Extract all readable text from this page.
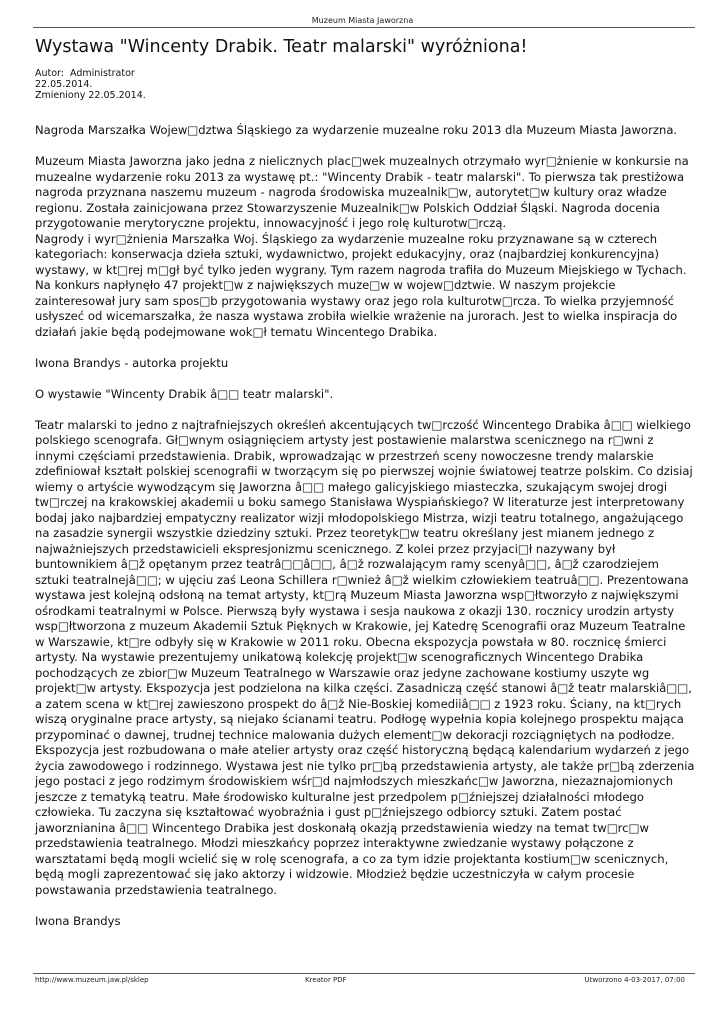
Muzeum Miasta Jaworzna
Wystawa "Wincenty Drabik. Teatr malarski" wyróżniona!
Autor:  Administrator
22.05.2014.
Zmieniony 22.05.2014.

Nagroda Marszałka Wojew□dztwa Śląskiego za wydarzenie muzealne roku 2013 dla Muzeum Miasta Jaworzna.

Muzeum Miasta Jaworzna jako jedna z nielicznych plac□wek muzealnych otrzymało wyr□żnienie w konkursie na muzealne wydarzenie roku 2013 za wystawę pt.: "Wincenty Drabik - teatr malarski". To pierwsza tak prestiżowa nagroda przyznana naszemu muzeum - nagroda środowiska muzealnik□w, autorytet□w kultury oraz władze regionu. Została zainicjowana przez Stowarzyszenie Muzealnik□w Polskich Oddział Śląski. Nagroda docenia przygotowanie merytoryczne projektu, innowacyjność i jego rolę kulturotw□rczą.

Nagrody i wyr□żnienia Marszałka Woj. Śląskiego za wydarzenie muzealne roku przyznawane są w czterech kategoriach: konserwacja dzieła sztuki, wydawnictwo, projekt edukacyjny, oraz (najbardziej konkurencyjna) wystawy, w kt□rej m□gł być tylko jeden wygrany. Tym razem nagroda trafiła do Muzeum Miejskiego w Tychach. Na konkurs napłynęło 47 projekt□w z największych muze□w w wojew□dztwie. W naszym projekcie zainteresował jury sam spos□b przygotowania wystawy oraz jego rola kulturotw□rcza. To wielka przyjemność usłyszeć od wicemarszałka, że nasza wystawa zrobiła wielkie wrażenie na jurorach. Jest to wielka inspiracja do działań jakie będą podejmowane wok□ł tematu Wincentego Drabika.

Iwona Brandys - autorka projektu

O wystawie "Wincenty Drabik â□□ teatr malarski".

Teatr malarski to jedno z najtrafniejszych określeń akcentujących tw□rczość Wincentego Drabika â□□ wielkiego polskiego scenografa. Gł□wnym osiągnięciem artysty jest postawienie malarstwa scenicznego na r□wni z innymi częściami przedstawienia. Drabik, wprowadzając w przestrzeń sceny nowoczesne trendy malarskie zdefiniował kształt polskiej scenografii w tworzącym się po pierwszej wojnie światowej teatrze polskim. Co dzisiaj wiemy o artyście wywodzącym się Jaworzna â□□ małego galicyjskiego miasteczka, szukającym swojej drogi tw□rczej na krakowskiej akademii u boku samego Stanisława Wyspiańskiego? W literaturze jest interpretowany bodaj jako najbardziej empatyczny realizator wizji młodopolskiego Mistrza, wizji teatru totalnego, angażującego na zasadzie synergii wszystkie dziedziny sztuki. Przez teoretyk□w teatru określany jest mianem jednego z najważniejszych przedstawicieli ekspresjonizmu scenicznego. Z kolei przez przyjaci□ł nazywany był buntownikiem â□ž opętanym przez teatrâ□□â□□, â□ž rozwalającym ramy scenyâ□□, â□ž czarodziejem sztuki teatralnejâ□□; w ujęciu zaś Leona Schillera r□wnież â□ž wielkim człowiekiem teatruâ□□. Prezentowana wystawa jest kolejną odsłoną na temat artysty, kt□rą Muzeum Miasta Jaworzna wsp□łtworzyło z największymi ośrodkami teatralnymi w Polsce. Pierwszą były wystawa i sesja naukowa z okazji 130. rocznicy urodzin artysty wsp□łtworzona z muzeum Akademii Sztuk Pięknych w Krakowie, jej Katedrę Scenografii oraz Muzeum Teatralne w Warszawie, kt□re odbyły się w Krakowie w 2011 roku. Obecna ekspozycja powstała w 80. rocznicę śmierci artysty. Na wystawie prezentujemy unikatową kolekcję projekt□w scenograficznych Wincentego Drabika pochodzących ze zbior□w Muzeum Teatralnego w Warszawie oraz jedyne zachowane kostiumy uszyte wg projekt□w artysty. Ekspozycja jest podzielona na kilka części. Zasadniczą część stanowi â□ž teatr malarskiâ□□, a zatem scena w kt□rej zawieszono prospekt do â□ž Nie-Boskiej komediiâ□□ z 1923 roku. Ściany, na kt□rych wiszą oryginalne prace artysty, są niejako ścianami teatru. Podłogę wypełnia kopia kolejnego prospektu mająca przypominać o dawnej, trudnej technice malowania dużych element□w dekoracji rozciągniętych na podłodze. Ekspozycja jest rozbudowana o małe atelier artysty oraz część historyczną będącą kalendarium wydarzeń z jego życia zawodowego i rodzinnego. Wystawa jest nie tylko pr□bą przedstawienia artysty, ale także pr□bą zderzenia jego postaci z jego rodzimym środowiskiem wśr□d najmłodszych mieszkańc□w Jaworzna, niezaznajomionych jeszcze z tematyką teatru. Małe środowisko kulturalne jest przedpolem p□źniejszej działalności młodego człowieka. Tu zaczyna się kształtować wyobraźnia i gust p□źniejszego odbiorcy sztuki. Zatem postać jaworznianina â□□ Wincentego Drabika jest doskonałą okazją przedstawienia wiedzy na temat tw□rc□w przedstawienia teatralnego. Młodzi mieszkańcy poprzez interaktywne zwiedzanie wystawy połączone z warsztatami będą mogli wcielić się w rolę scenografa, a co za tym idzie projektanta kostium□w scenicznych, będą mogli zaprezentować się jako aktorzy i widzowie. Młodzież będzie uczestniczyła w całym procesie powstawania przedstawienia teatralnego.

Iwona Brandys

http://www.muzeum.jaw.pl/sklep	Kreator PDF	Utworzono 4-03-2017, 07:00
